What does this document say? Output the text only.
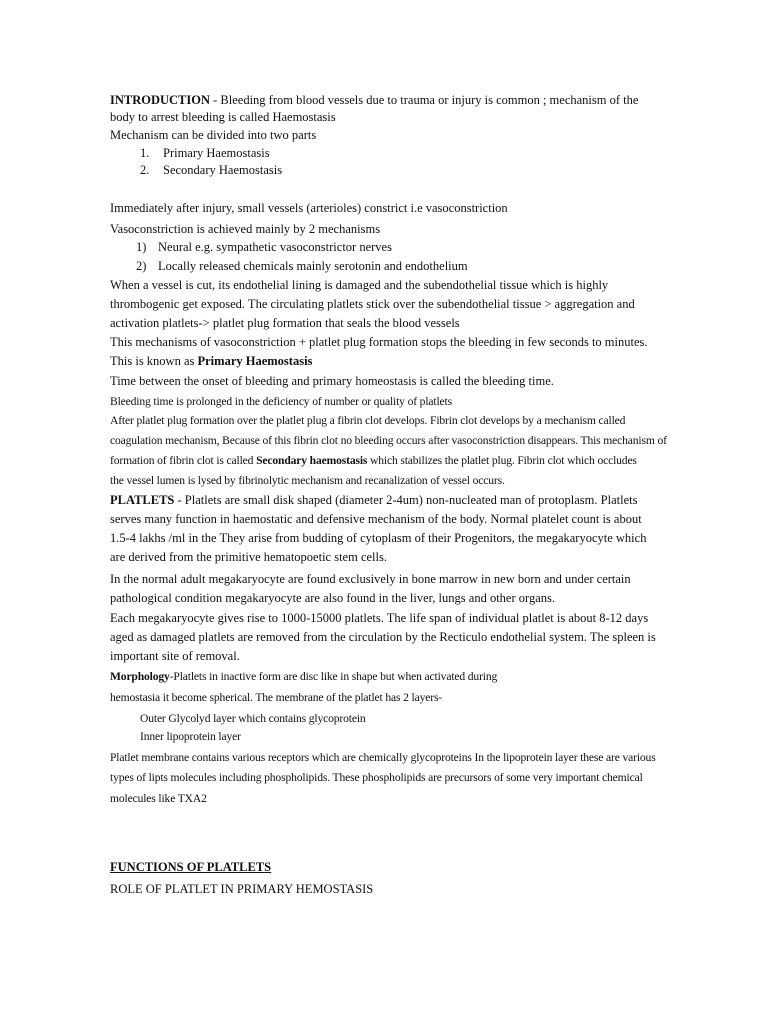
INTRODUCTION - Bleeding from blood vessels due to trauma or injury is common ; mechanism of the
body to arrest bleeding is called Haemostasis
Mechanism can be divided into two parts
1. Primary Haemostasis
2. Secondary Haemostasis
Immediately after injury, small vessels (arterioles) constrict i.e vasoconstriction
Vasoconstriction is achieved mainly by 2 mechanisms
1) Neural e.g. sympathetic vasoconstrictor nerves
2) Locally released chemicals mainly serotonin and endothelium
When a vessel is cut, its endothelial lining is damaged and the subendothelial tissue which is highly
thrombogenic get exposed. The circulating platlets stick over the subendothelial tissue > aggregation and
activation platlets-> platlet plug formation that seals the blood vessels
This mechanisms of vasoconstriction + platlet plug formation stops the bleeding in few seconds to minutes.
This is known as Primary Haemostasis
Time between the onset of bleeding and primary homeostasis is called the bleeding time.
Bleeding time is prolonged in the deficiency of number or quality of platlets
After platlet plug formation over the platlet plug a fibrin clot develops. Fibrin clot develops by a mechanism called
coagulation mechanism, Because of this fibrin clot no bleeding occurs after vasoconstriction disappears. This mechanism of
formation of fibrin clot is called Secondary haemostasis which stabilizes the platlet plug. Fibrin clot which occludes
the vessel lumen is lysed by fibrinolytic mechanism and recanalization of vessel occurs.
PLATLETS - Platlets are small disk shaped (diameter 2-4um) non-nucleated man of protoplasm. Platlets
serves many function in haemostatic and defensive mechanism of the body. Normal platelet count is about
1.5-4 lakhs /ml in the They arise from budding of cytoplasm of their Progenitors, the megakaryocyte which
are derived from the primitive hematopoetic stem cells.
In the normal adult megakaryocyte are found exclusively in bone marrow in new born and under certain
pathological condition megakaryocyte are also found in the liver, lungs and other organs.
Each megakaryocyte gives rise to 1000-15000 platlets. The life span of individual platlet is about 8-12 days
aged as damaged platlets are removed from the circulation by the Recticulo endothelial system. The spleen is
important site of removal.
Morphology-Platlets in inactive form are disc like in shape but when activated during
hemostasia it become spherical. The membrane of the platlet has 2 layers-
Outer Glycolyd layer which contains glycoprotein
Inner lipoprotein layer
Platlet membrane contains various receptors which are chemically glycoproteins In the lipoprotein layer these are various
types of lipts molecules including phospholipids. These phospholipids are precursors of some very important chemical
molecules like TXA2
FUNCTIONS OF PLATLETS
ROLE OF PLATLET IN PRIMARY HEMOSTASIS
